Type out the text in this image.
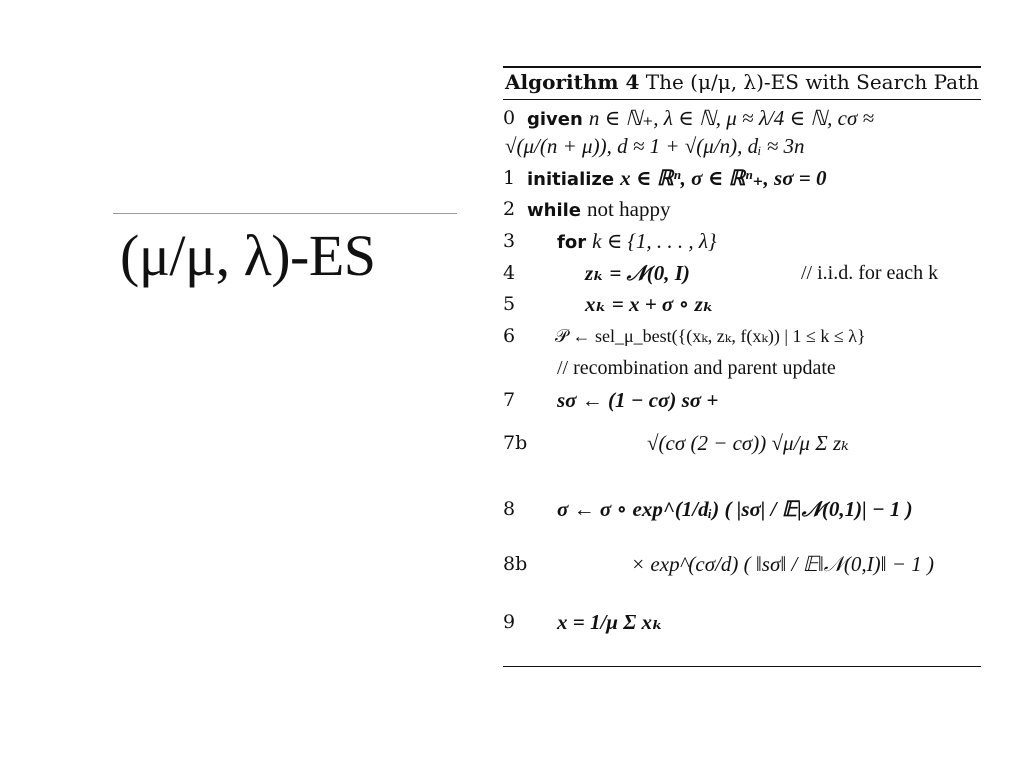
(μ/μ, λ)-ES
Algorithm 4 The (μ/μ, λ)-ES with Search Path
0 given n ∈ ℕ₊, λ ∈ ℕ, μ ≈ λ/4 ∈ ℕ, cσ ≈
√(μ/(n + μ)), d ≈ 1 + √(μ/n), dᵢ ≈ 3n
1 initialize x ∈ ℝⁿ, σ ∈ ℝⁿ₊, sσ = 0
2 while not happy
3 for k ∈ {1, . . . , λ}
4	zₖ = 𝒩(0, I)	// i.i.d. for each k
5	xₖ = x + σ ∘ zₖ
6 𝒫 ← sel_μ_best({(xₖ, zₖ, f(xₖ)) | 1 ≤ k ≤ λ}
// recombination and parent update
7 sσ ← (1 − cσ) sσ +
7b	√(cσ (2 − cσ)) √μ/μ Σ zₖ
8 σ ← σ ∘ exp^(1/dᵢ) ( |sσ| / 𝔼|𝒩(0,1)| − 1 )
8b	× exp^(cσ/d) ( ‖sσ‖ / 𝔼‖𝒩(0,I)‖ − 1 )
9 x = 1/μ Σ xₖ
